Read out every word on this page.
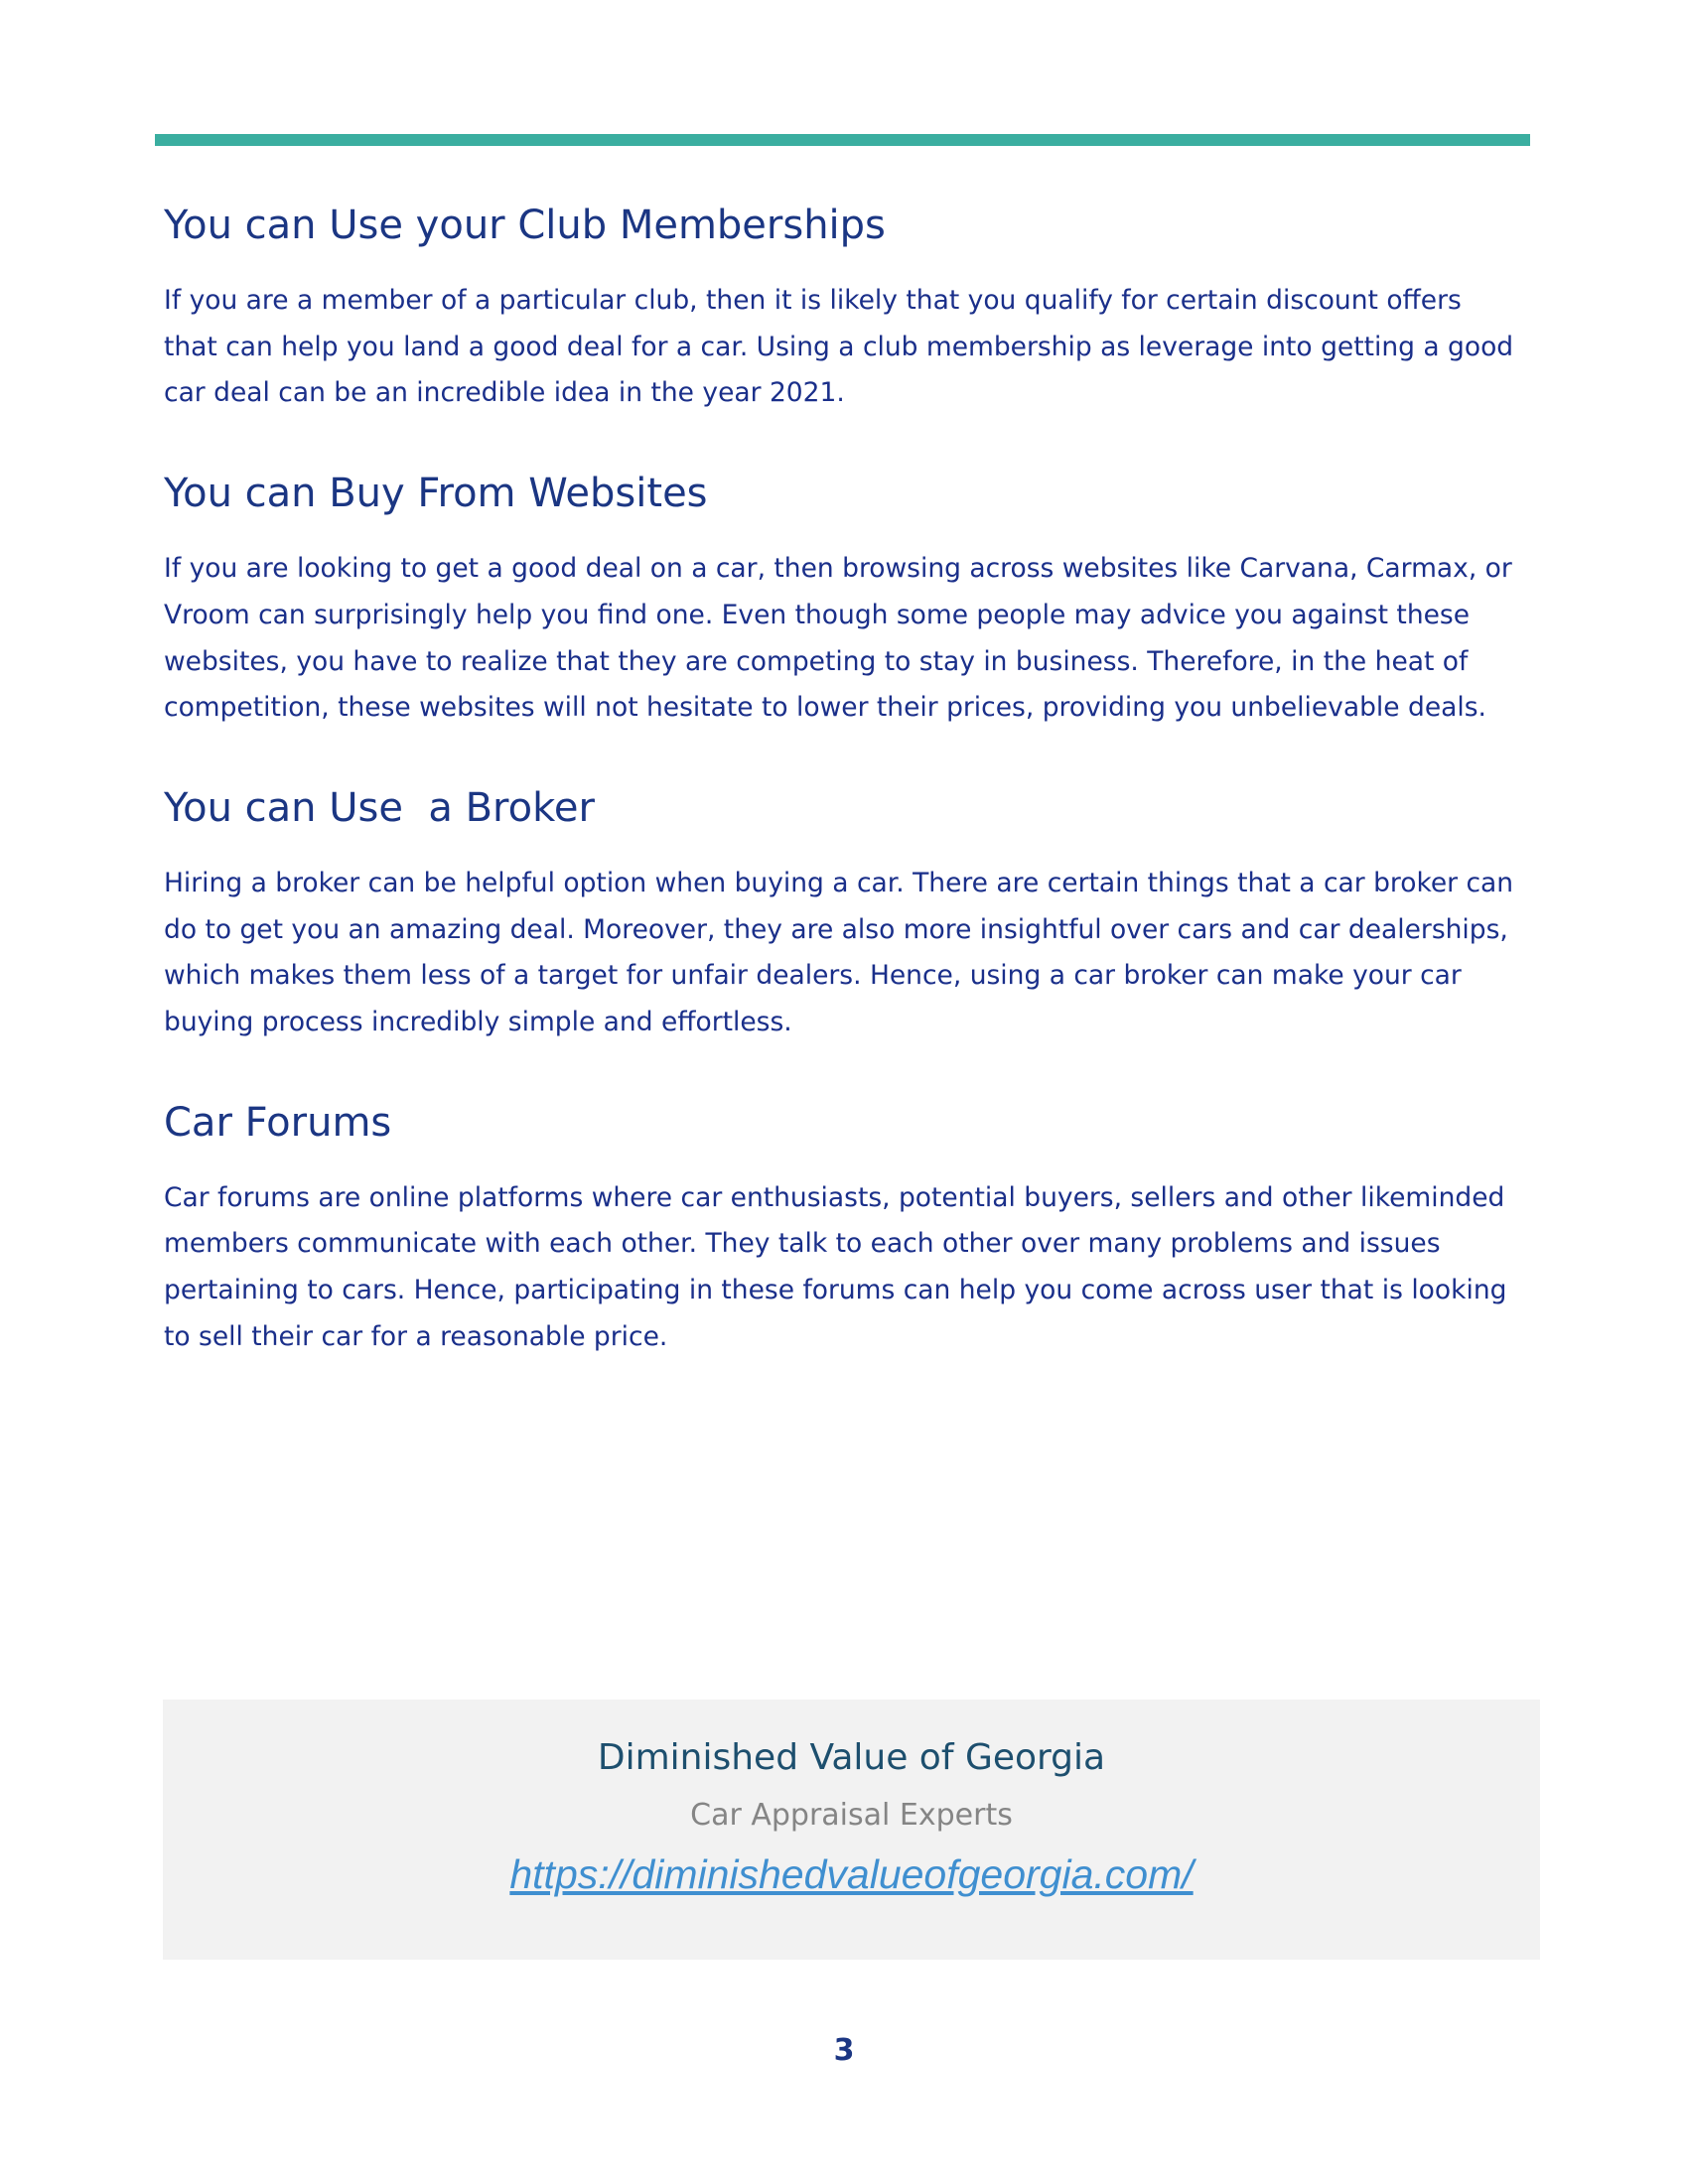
You can Use your Club Memberships

If you are a member of a particular club, then it is likely that you qualify for certain discount offers
that can help you land a good deal for a car. Using a club membership as leverage into getting a good
car deal can be an incredible idea in the year 2021.

You can Buy From Websites

If you are looking to get a good deal on a car, then browsing across websites like Carvana, Carmax, or
Vroom can surprisingly help you find one. Even though some people may advice you against these
websites, you have to realize that they are competing to stay in business. Therefore, in the heat of
competition, these websites will not hesitate to lower their prices, providing you unbelievable deals.

You can Use  a Broker

Hiring a broker can be helpful option when buying a car. There are certain things that a car broker can
do to get you an amazing deal. Moreover, they are also more insightful over cars and car dealerships,
which makes them less of a target for unfair dealers. Hence, using a car broker can make your car
buying process incredibly simple and effortless.

Car Forums

Car forums are online platforms where car enthusiasts, potential buyers, sellers and other likeminded
members communicate with each other. They talk to each other over many problems and issues
pertaining to cars. Hence, participating in these forums can help you come across user that is looking
to sell their car for a reasonable price.

Diminished Value of Georgia
Car Appraisal Experts
https://diminishedvalueofgeorgia.com/
3
